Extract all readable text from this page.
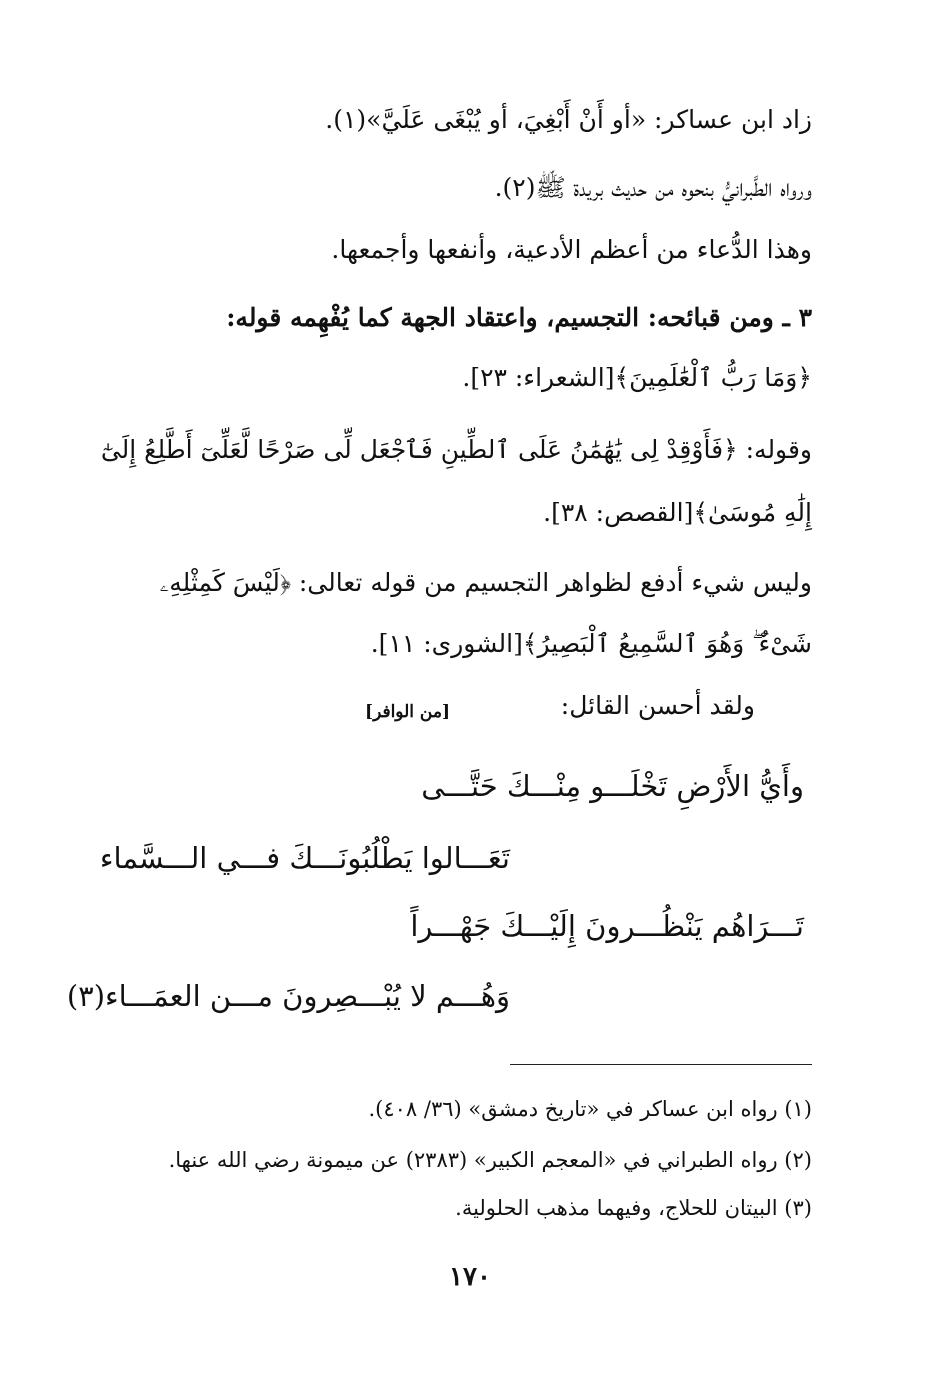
زاد ابن عساكر: «أو أَنْ أَبْغِيَ، أو يُبْغَى عَلَيَّ»(١).
ورواه الطَّبرانيُّ بنحوه من حديث بريدة ﷺ(٢).
وهذا الدُّعاء من أعظم الأدعية، وأنفعها وأجمعها.
٣ ـ ومن قبائحه: التجسيم، واعتقاد الجهة كما يُفْهِمه قوله:
﴿وَمَا رَبُّ ٱلْعَٰلَمِينَ﴾[الشعراء: ٢٣].
وقوله: ﴿فَأَوْقِدْ لِى يَٰهَٰمَٰنُ عَلَى ٱلطِّينِ فَٱجْعَل لِّى صَرْحًا لَّعَلِّىٓ أَطَّلِعُ إِلَىٰٓ
إِلَٰهِ مُوسَىٰ﴾[القصص: ٣٨].
وليس شيء أدفع لظواهر التجسيم من قوله تعالى: ﴿لَيْسَ كَمِثْلِهِۦ
شَىْءٌ ۖ وَهُوَ ٱلسَّمِيعُ ٱلْبَصِيرُ﴾[الشورى: ١١].
ولقد أحسن القائل:
[من الوافر]
وأَيُّ الأَرْضِ تَخْلَـــو مِنْـــكَ حَتَّـــى
تَعَـــالوا يَطْلُبُونَـــكَ فـــي الـــسَّماء
تَـــرَاهُم يَنْظُـــرونَ إِلَيْـــكَ جَهْـــراً
وَهُـــم لا يُبْـــصِرونَ مـــن العمَـــاء(٣)
(١) رواه ابن عساكر في «تاريخ دمشق» (٣٦/ ٤٠٨).
(٢) رواه الطبراني في «المعجم الكبير» (٢٣٨٣) عن ميمونة رضي الله عنها.
(٣) البيتان للحلاج، وفيهما مذهب الحلولية.
١٧٠
